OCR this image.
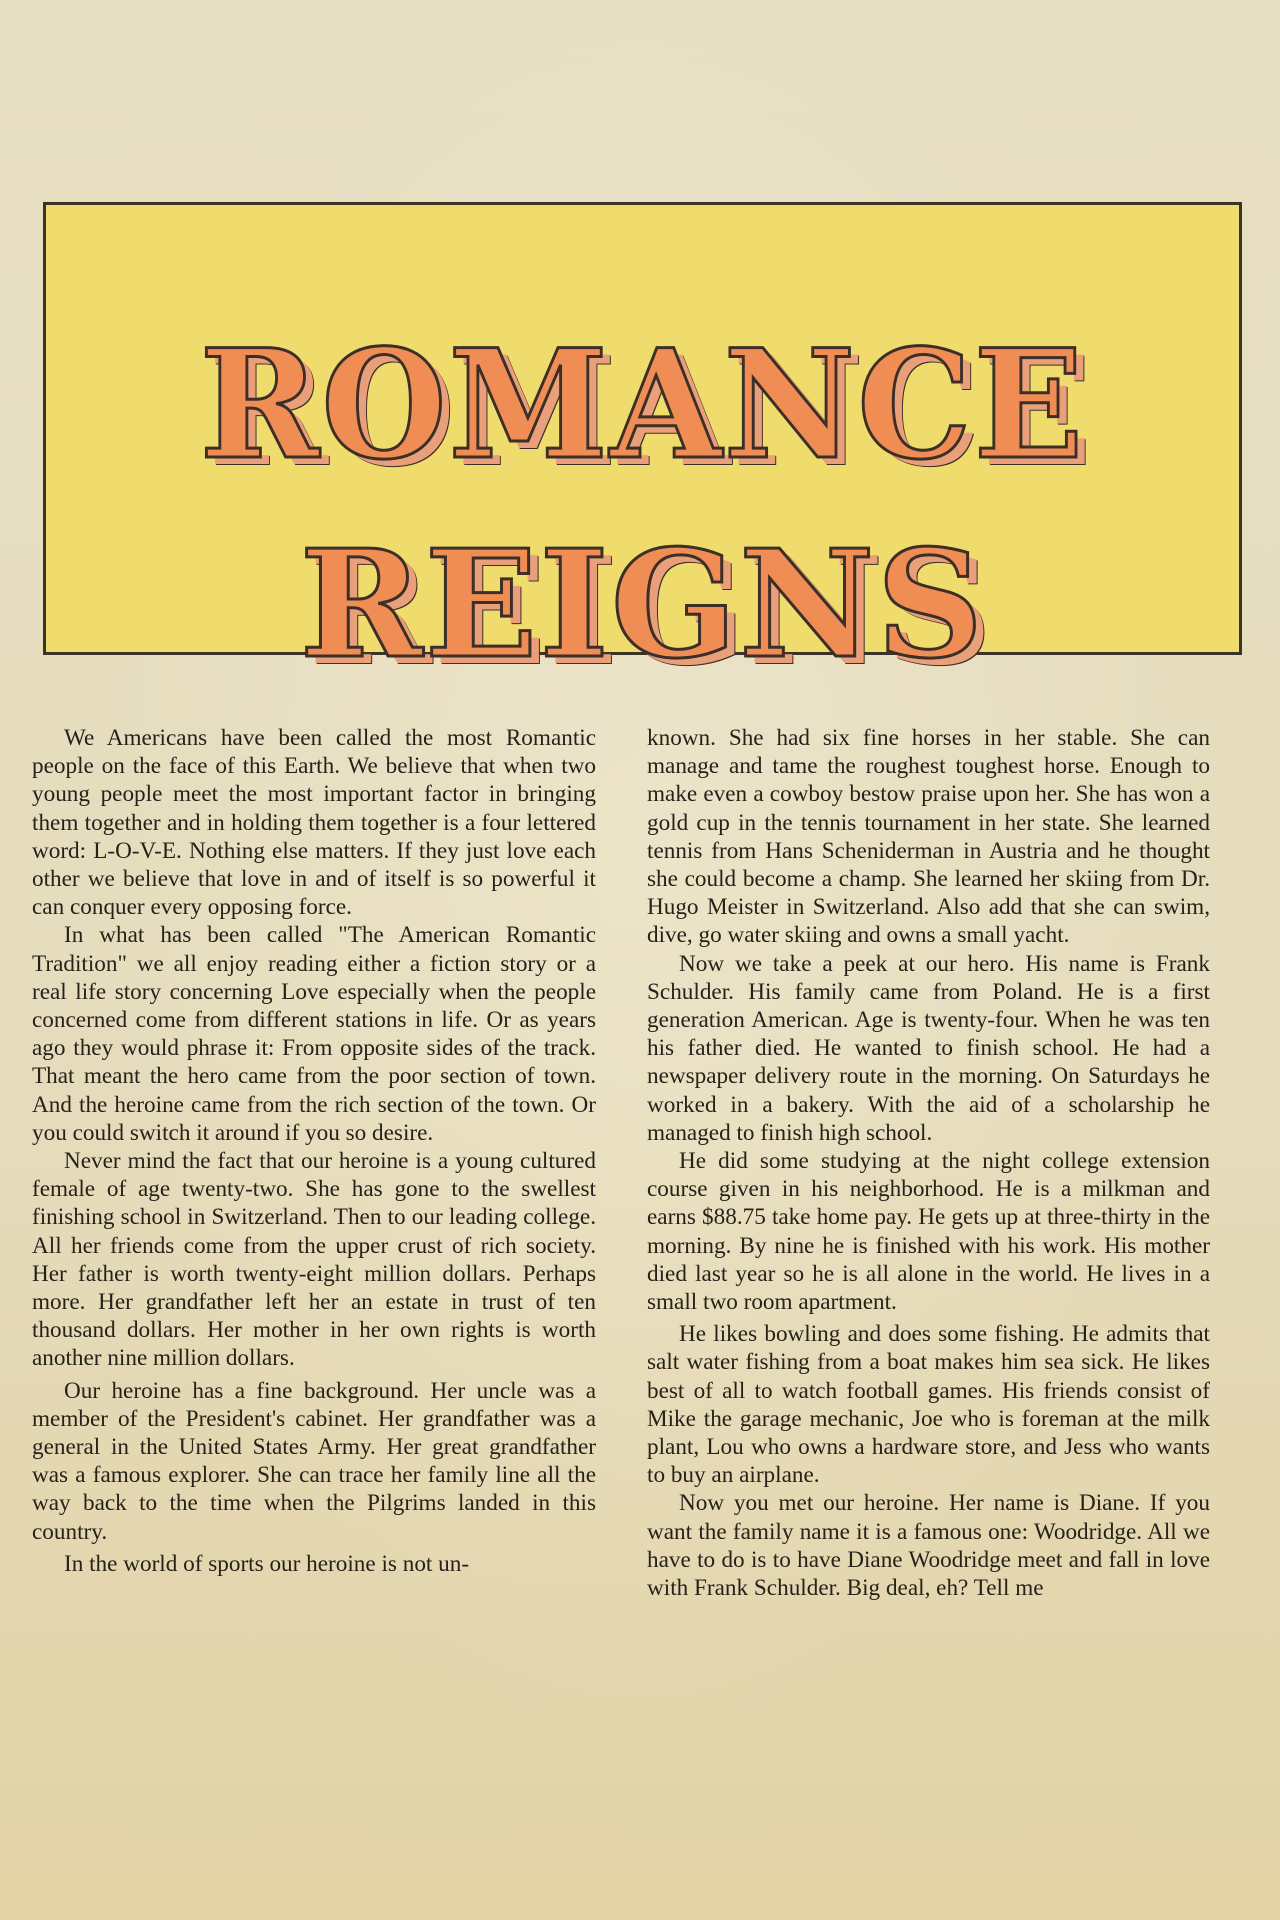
ROMANCE
REIGNS

We Americans have been called the most Romantic people on the face of this Earth. We believe that when two young people meet the most important factor in bringing them together and in holding them together is a four lettered word: L-O-V-E. Nothing else matters. If they just love each other we believe that love in and of itself is so powerful it can conquer every opposing force.

In what has been called "The American Romantic Tradition" we all enjoy reading either a fiction story or a real life story concerning Love especially when the people concerned come from different stations in life. Or as years ago they would phrase it: From opposite sides of the track. That meant the hero came from the poor section of town. And the heroine came from the rich section of the town. Or you could switch it around if you so desire.

Never mind the fact that our heroine is a young cultured female of age twenty-two. She has gone to the swellest finishing school in Switzerland. Then to our leading college. All her friends come from the upper crust of rich society. Her father is worth twenty-eight million dollars. Perhaps more. Her grandfather left her an estate in trust of ten thousand dollars. Her mother in her own rights is worth another nine million dollars.

Our heroine has a fine background. Her uncle was a member of the President's cabinet. Her grandfather was a general in the United States Army. Her great grandfather was a famous explorer. She can trace her family line all the way back to the time when the Pilgrims landed in this country.

In the world of sports our heroine is not un-

known. She had six fine horses in her stable. She can manage and tame the roughest toughest horse. Enough to make even a cowboy bestow praise upon her. She has won a gold cup in the tennis tournament in her state. She learned tennis from Hans Scheniderman in Austria and he thought she could become a champ. She learned her skiing from Dr. Hugo Meister in Switzerland. Also add that she can swim, dive, go water skiing and owns a small yacht.

Now we take a peek at our hero. His name is Frank Schulder. His family came from Poland. He is a first generation American. Age is twenty-four. When he was ten his father died. He wanted to finish school. He had a newspaper delivery route in the morning. On Saturdays he worked in a bakery. With the aid of a scholarship he managed to finish high school.

He did some studying at the night college extension course given in his neighborhood. He is a milkman and earns $88.75 take home pay. He gets up at three-thirty in the morning. By nine he is finished with his work. His mother died last year so he is all alone in the world. He lives in a small two room apartment.

He likes bowling and does some fishing. He admits that salt water fishing from a boat makes him sea sick. He likes best of all to watch football games. His friends consist of Mike the garage mechanic, Joe who is foreman at the milk plant, Lou who owns a hardware store, and Jess who wants to buy an airplane.

Now you met our heroine. Her name is Diane. If you want the family name it is a famous one: Woodridge. All we have to do is to have Diane Woodridge meet and fall in love with Frank Schulder. Big deal, eh? Tell me
